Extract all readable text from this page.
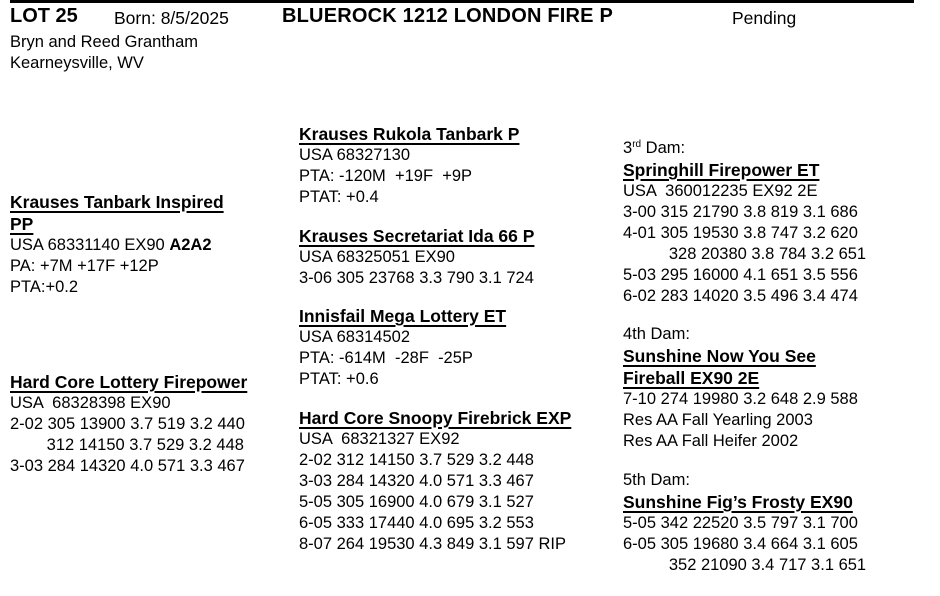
LOT 25 Born: 8/5/2025	BLUEROCK 1212 LONDON FIRE P	Pending
Bryn and Reed Grantham
Kearneysville, WV
Krauses Tanbark Inspired
PP
USA 68331140 EX90 A2A2
PA: +7M +17F +12P
PTA:+0.2
Hard Core Lottery Firepower
USA  68328398 EX90
2-02 305 13900 3.7 519 3.2 440
312 14150 3.7 529 3.2 448
3-03 284 14320 4.0 571 3.3 467
Krauses Rukola Tanbark P
USA 68327130
PTA: -120M  +19F  +9P
PTAT: +0.4
Krauses Secretariat Ida 66 P
USA 68325051 EX90
3-06 305 23768 3.3 790 3.1 724
Innisfail Mega Lottery ET
USA 68314502
PTA: -614M  -28F  -25P
PTAT: +0.6
Hard Core Snoopy Firebrick EXP
USA  68321327 EX92
2-02 312 14150 3.7 529 3.2 448
3-03 284 14320 4.0 571 3.3 467
5-05 305 16900 4.0 679 3.1 527
6-05 333 17440 4.0 695 3.2 553
8-07 264 19530 4.3 849 3.1 597 RIP
3rd Dam:
Springhill Firepower ET
USA  360012235 EX92 2E
3-00 315 21790 3.8 819 3.1 686
4-01 305 19530 3.8 747 3.2 620
328 20380 3.8 784 3.2 651
5-03 295 16000 4.1 651 3.5 556
6-02 283 14020 3.5 496 3.4 474
4th Dam:
Sunshine Now You See
Fireball EX90 2E
7-10 274 19980 3.2 648 2.9 588
Res AA Fall Yearling 2003
Res AA Fall Heifer 2002
5th Dam:
Sunshine Fig’s Frosty EX90
5-05 342 22520 3.5 797 3.1 700
6-05 305 19680 3.4 664 3.1 605
352 21090 3.4 717 3.1 651
